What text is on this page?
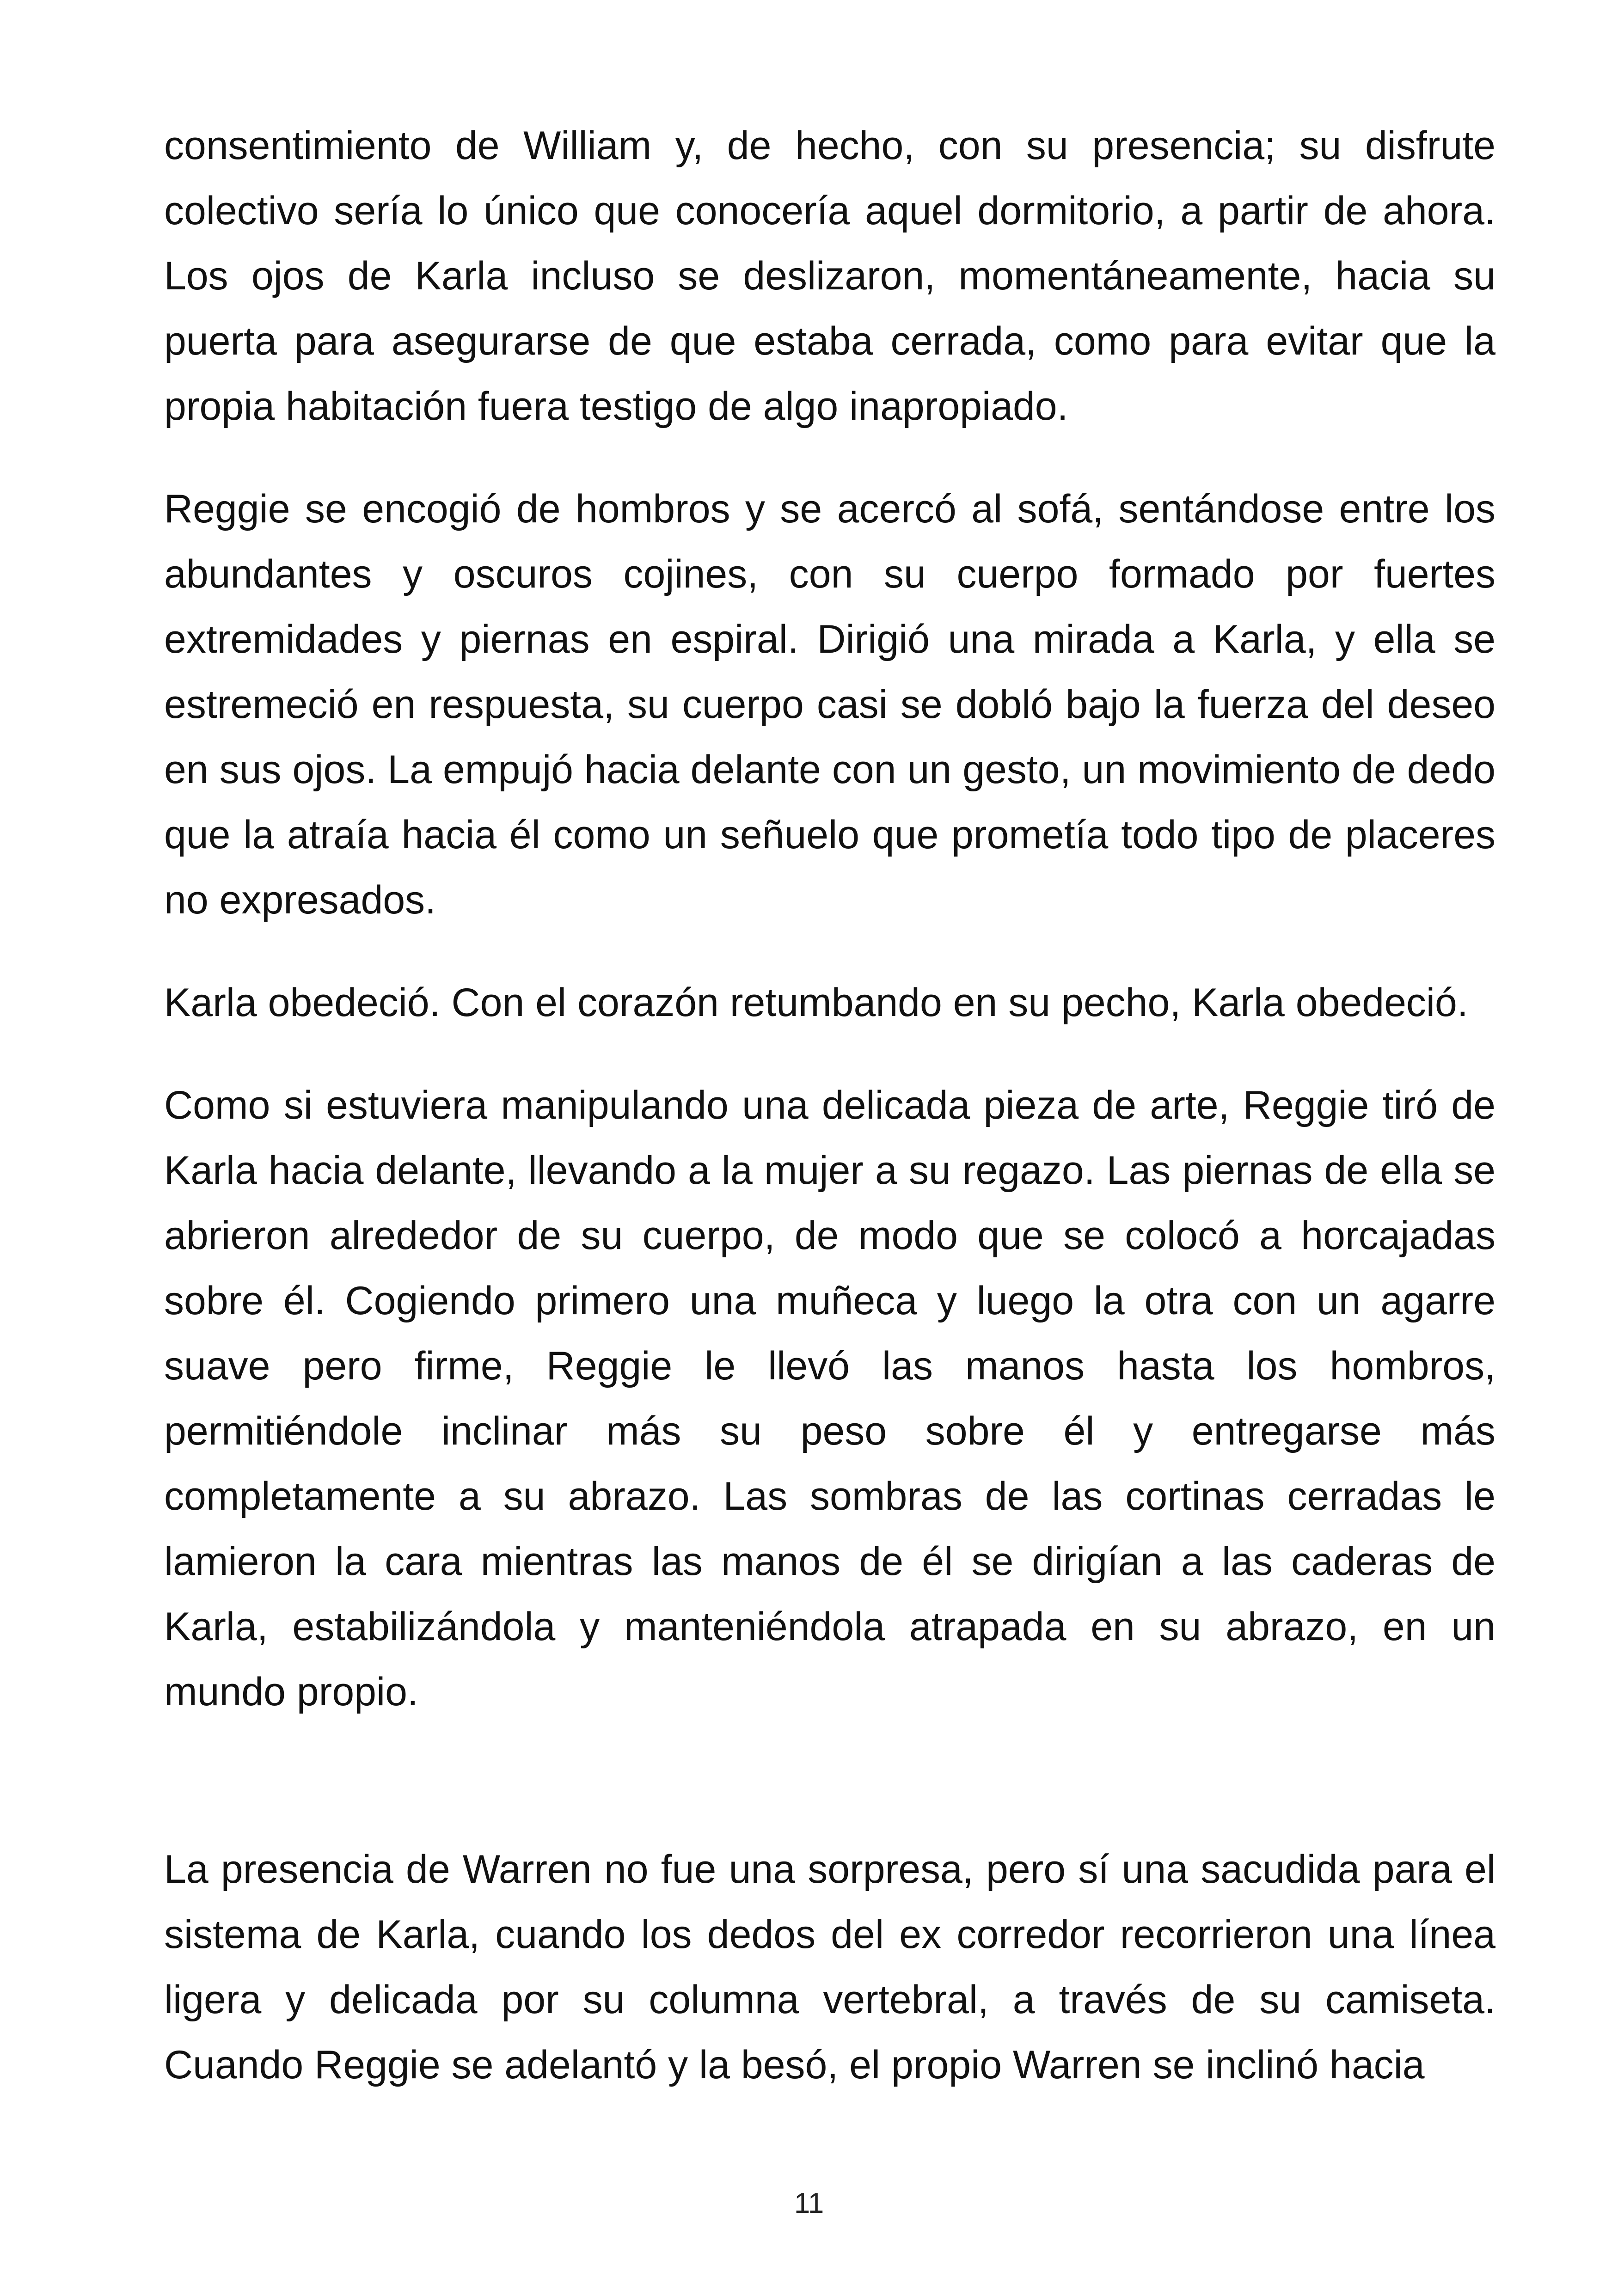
consentimiento de William y, de hecho, con su presencia; su disfrute colectivo sería lo único que conocería aquel dormitorio, a partir de ahora. Los ojos de Karla incluso se deslizaron, momentáneamente, hacia su puerta para asegurarse de que estaba cerrada, como para evitar que la propia habitación fuera testigo de algo inapropiado.

Reggie se encogió de hombros y se acercó al sofá, sentándose entre los abundantes y oscuros cojines, con su cuerpo formado por fuertes extremidades y piernas en espiral. Dirigió una mirada a Karla, y ella se estremeció en respuesta, su cuerpo casi se dobló bajo la fuerza del deseo en sus ojos. La empujó hacia delante con un gesto, un movimiento de dedo que la atraía hacia él como un señuelo que prometía todo tipo de placeres no expresados.

Karla obedeció. Con el corazón retumbando en su pecho, Karla obedeció.

Como si estuviera manipulando una delicada pieza de arte, Reggie tiró de Karla hacia delante, llevando a la mujer a su regazo. Las piernas de ella se abrieron alrededor de su cuerpo, de modo que se colocó a horcajadas sobre él. Cogiendo primero una muñeca y luego la otra con un agarre suave pero firme, Reggie le llevó las manos hasta los hombros, permitiéndole inclinar más su peso sobre él y entregarse más completamente a su abrazo. Las sombras de las cortinas cerradas le lamieron la cara mientras las manos de él se dirigían a las caderas de Karla, estabilizándola y manteniéndola atrapada en su abrazo, en un mundo propio.

La presencia de Warren no fue una sorpresa, pero sí una sacudida para el sistema de Karla, cuando los dedos del ex corredor recorrieron una línea ligera y delicada por su columna vertebral, a través de su camiseta. Cuando Reggie se adelantó y la besó, el propio Warren se inclinó hacia

11
